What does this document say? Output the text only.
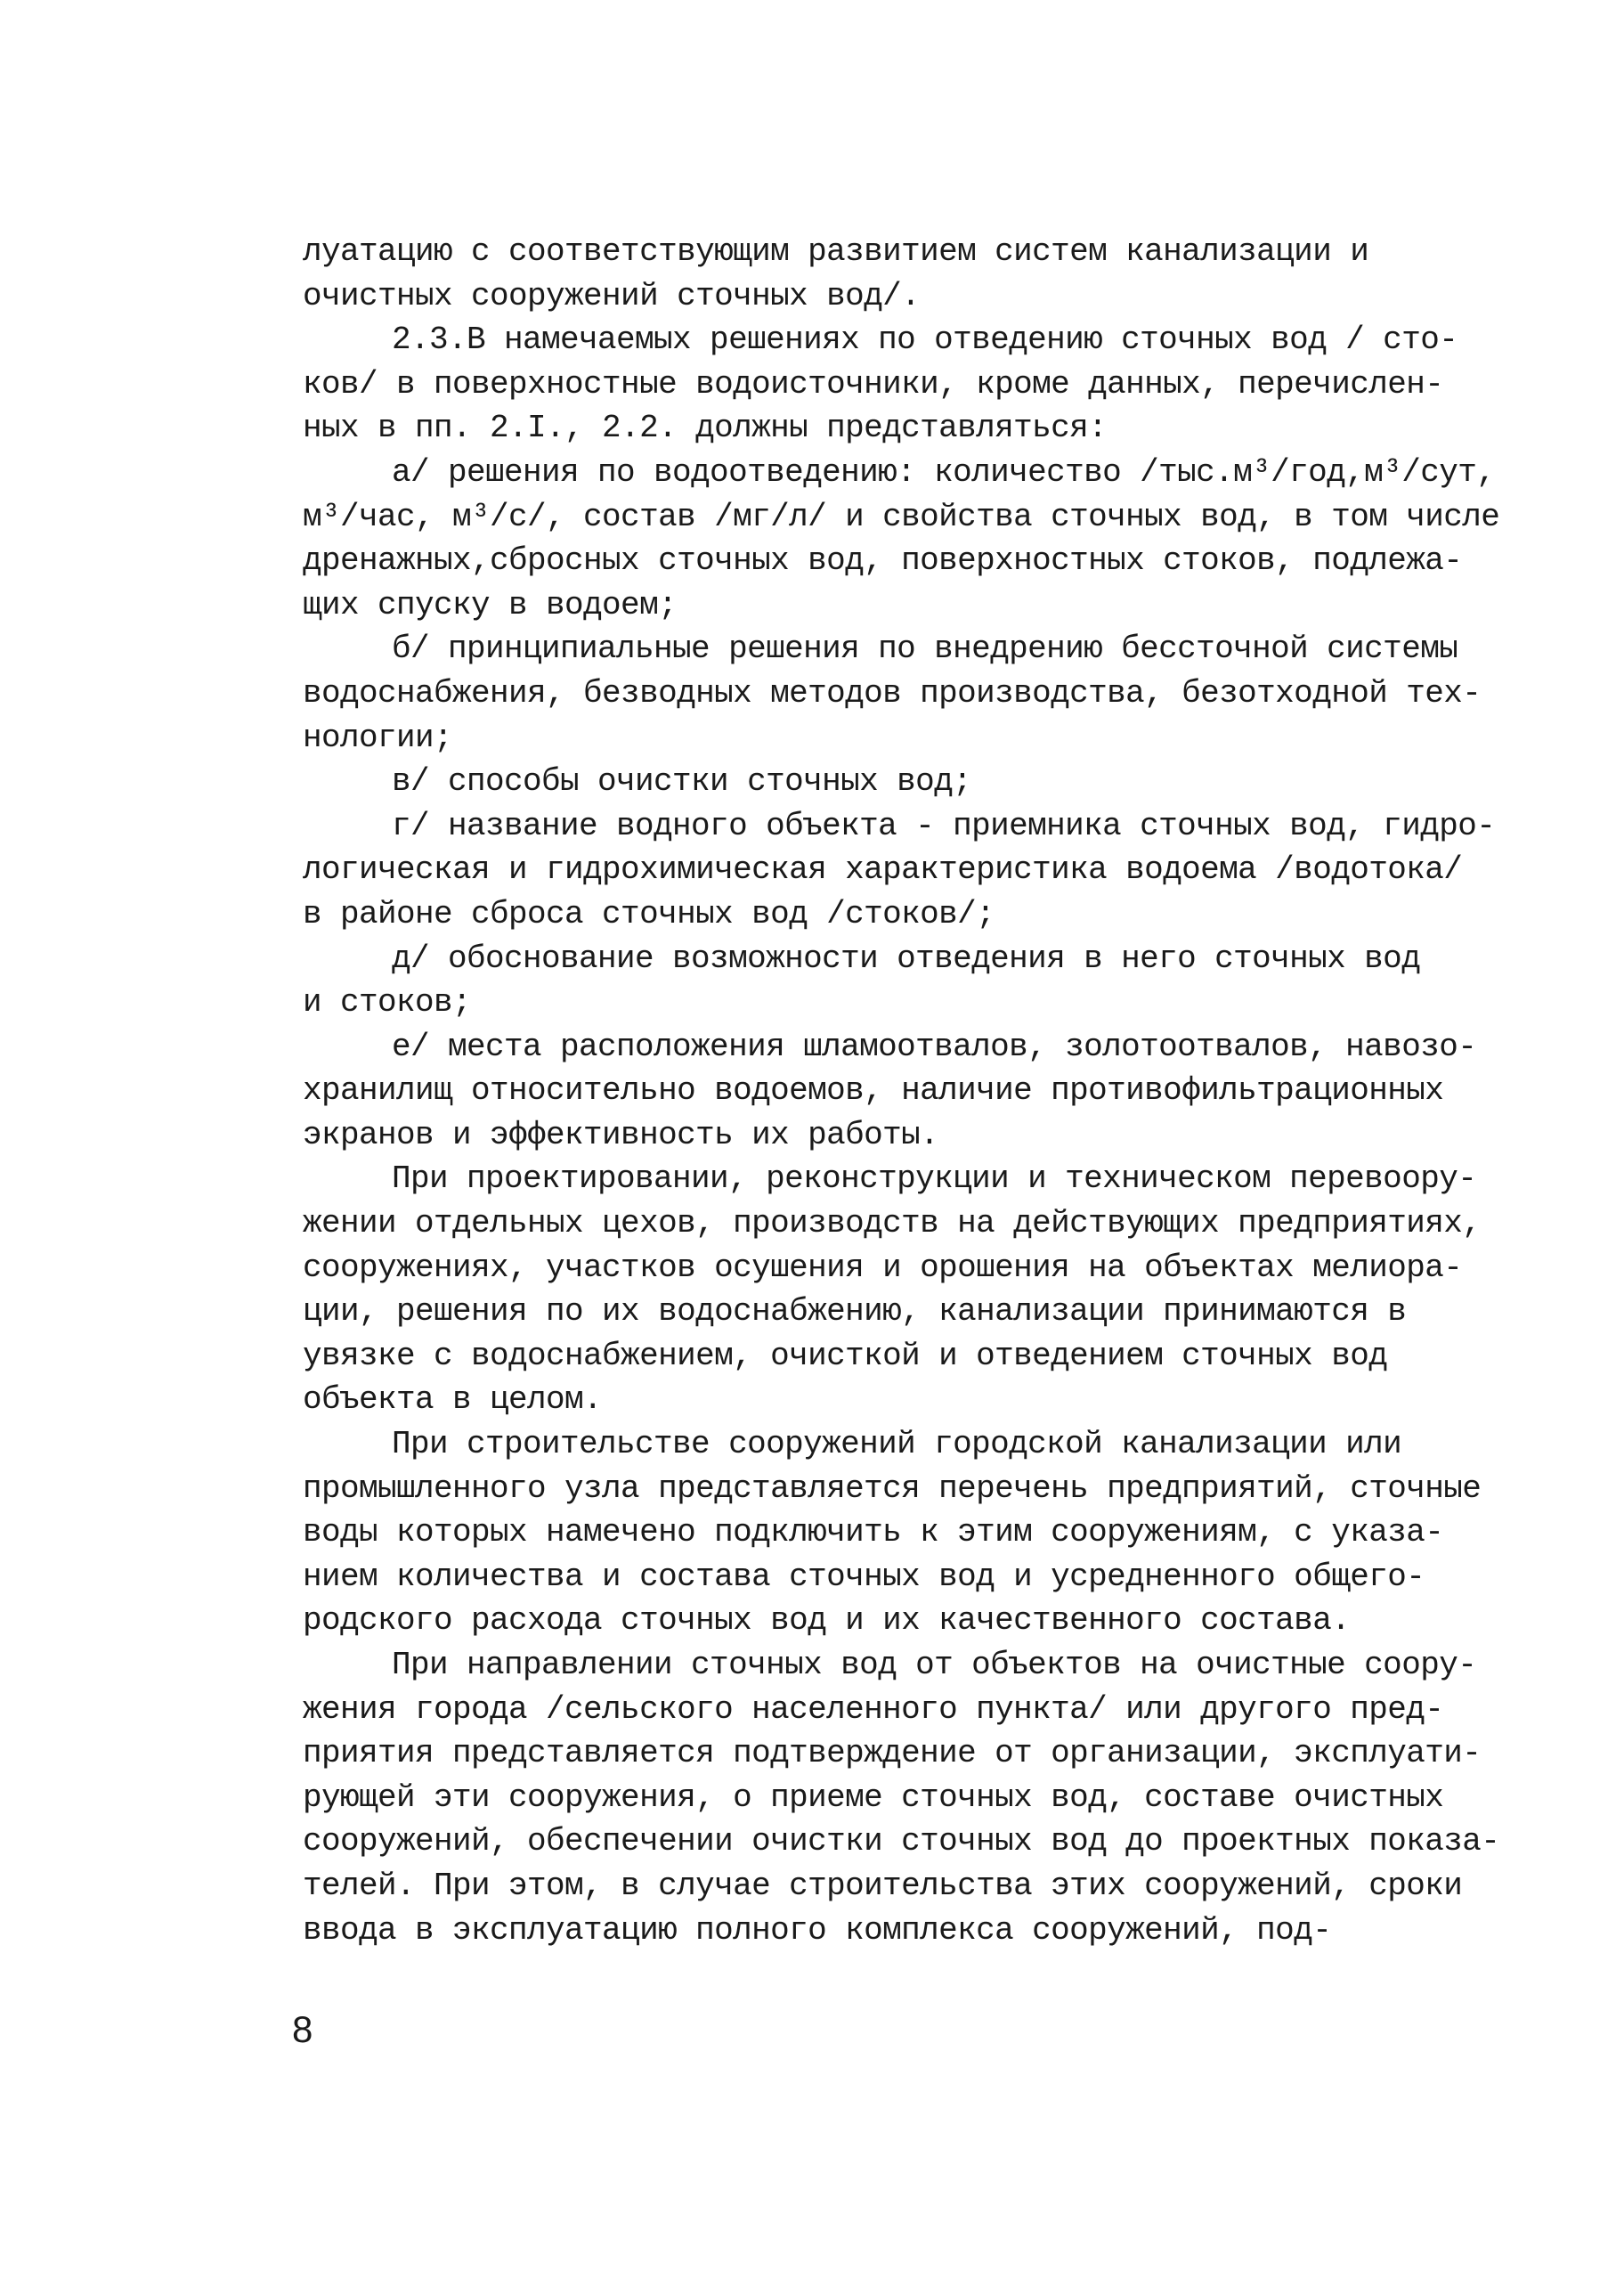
луатацию с соответствующим развитием систем канализации и
очистных сооружений сточных вод/.
2.3.В намечаемых решениях по отведению сточных вод / сто-
ков/ в поверхностные водоисточники, кроме данных, перечислен-
ных в пп. 2.I., 2.2. должны представляться:
а/ решения по водоотведению: количество /тыс.м³/год,м³/сут,
м³/час, м³/с/, состав /мг/л/ и свойства сточных вод, в том числе
дренажных,сбросных сточных вод, поверхностных стоков, подлежа-
щих спуску в водоем;
б/ принципиальные решения по внедрению бессточной системы
водоснабжения, безводных методов производства, безотходной тех-
нологии;
в/ способы очистки сточных вод;
г/ название водного объекта - приемника сточных вод, гидро-
логическая и гидрохимическая характеристика водоема /водотока/
в районе сброса сточных вод /стоков/;
д/ обоснование возможности отведения в него сточных вод
и стоков;
е/ места расположения шламоотвалов, золотоотвалов, навозо-
хранилищ относительно водоемов, наличие противофильтрационных
экранов и эффективность их работы.
При проектировании, реконструкции и техническом перевоору-
жении отдельных цехов, производств на действующих предприятиях,
сооружениях, участков осушения и орошения на объектах мелиора-
ции, решения по их водоснабжению, канализации принимаются в
увязке с водоснабжением, очисткой и отведением сточных вод
объекта в целом.
При строительстве сооружений городской канализации или
промышленного узла представляется перечень предприятий, сточные
воды которых намечено подключить к этим сооружениям, с указа-
нием количества и состава сточных вод и усредненного общего-
родского расхода сточных вод и их качественного состава.
При направлении сточных вод от объектов на очистные соору-
жения города /сельского населенного пункта/ или другого пред-
приятия представляется подтверждение от организации, эксплуати-
рующей эти сооружения, о приеме сточных вод, составе очистных
сооружений, обеспечении очистки сточных вод до проектных показа-
телей. При этом, в случае строительства этих сооружений, сроки
ввода в эксплуатацию полного комплекса сооружений, под-
8
